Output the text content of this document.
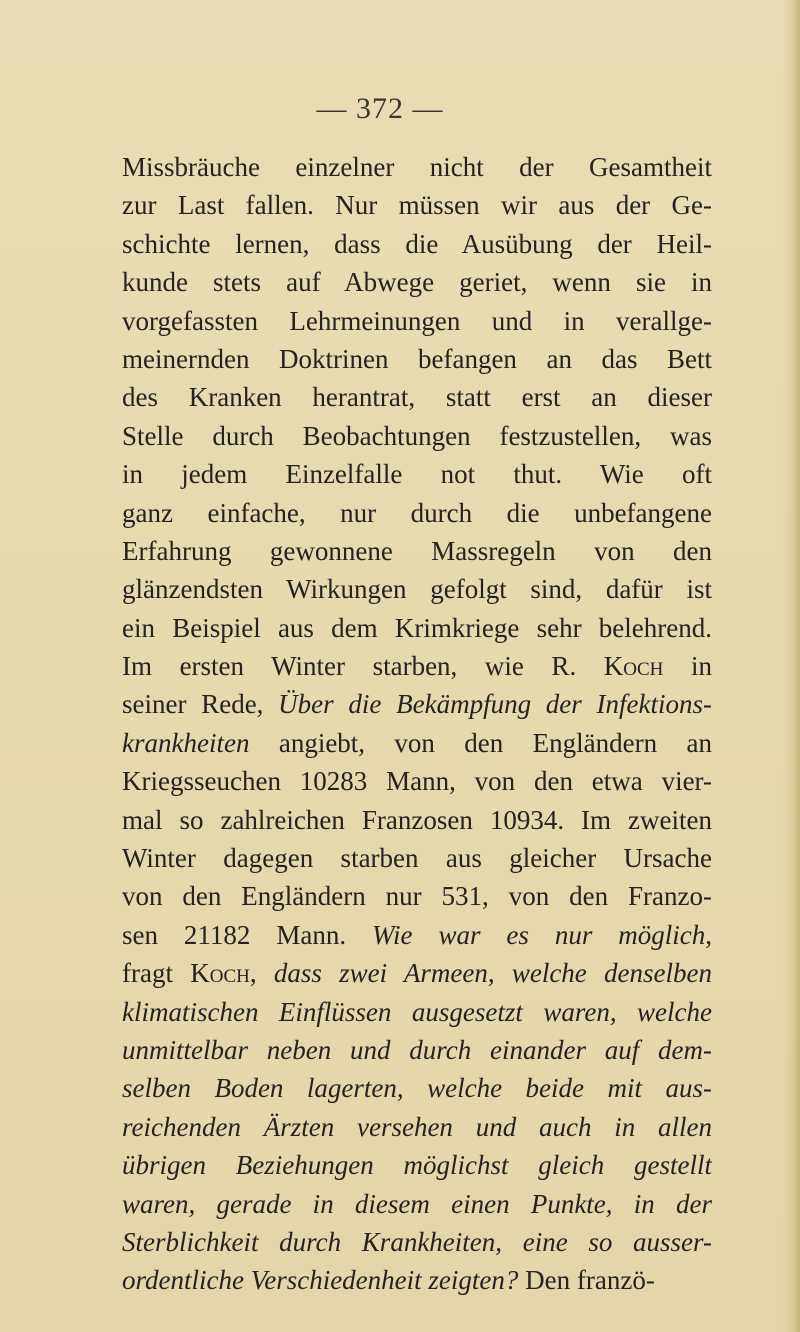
— 372 —
Missbräuche einzelner nicht der Gesamtheit
zur Last fallen. Nur müssen wir aus der Ge-
schichte lernen, dass die Ausübung der Heil-
kunde stets auf Abwege geriet, wenn sie in
vorgefassten Lehrmeinungen und in verallge-
meinernden Doktrinen befangen an das Bett
des Kranken herantrat, statt erst an dieser
Stelle durch Beobachtungen festzustellen, was
in jedem Einzelfalle not thut. Wie oft
ganz einfache, nur durch die unbefangene
Erfahrung gewonnene Massregeln von den
glänzendsten Wirkungen gefolgt sind, dafür ist
ein Beispiel aus dem Krimkriege sehr belehrend.
Im ersten Winter starben, wie R. Koch in
seiner Rede, Über die Bekämpfung der Infektions-
krankheiten angiebt, von den Engländern an
Kriegsseuchen 10283 Mann, von den etwa vier-
mal so zahlreichen Franzosen 10934. Im zweiten
Winter dagegen starben aus gleicher Ursache
von den Engländern nur 531, von den Franzo-
sen 21182 Mann. Wie war es nur möglich,
fragt Koch, dass zwei Armeen, welche denselben
klimatischen Einflüssen ausgesetzt waren, welche
unmittelbar neben und durch einander auf dem-
selben Boden lagerten, welche beide mit aus-
reichenden Ärzten versehen und auch in allen
übrigen Beziehungen möglichst gleich gestellt
waren, gerade in diesem einen Punkte, in der
Sterblichkeit durch Krankheiten, eine so ausser-
ordentliche Verschiedenheit zeigten? Den franzö-
